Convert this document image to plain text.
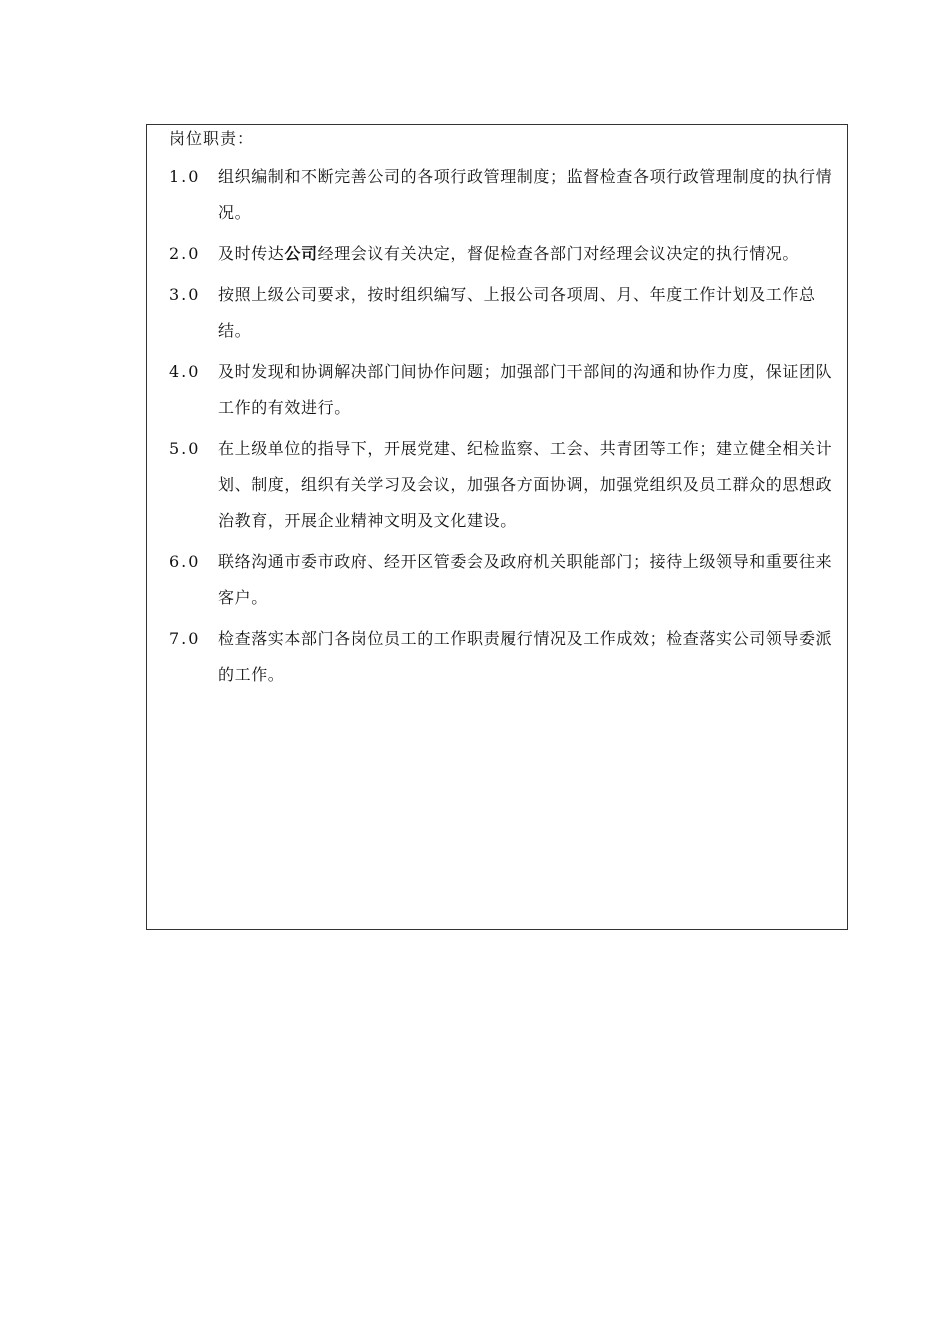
岗位职责：
1.0 组织编制和不断完善公司的各项行政管理制度；监督检查各项行政管理制度的执行情况。
2.0 及时传达公司经理会议有关决定，督促检查各部门对经理会议决定的执行情况。
3.0 按照上级公司要求，按时组织编写、上报公司各项周、月、年度工作计划及工作总结。
4.0 及时发现和协调解决部门间协作问题；加强部门干部间的沟通和协作力度，保证团队工作的有效进行。
5.0 在上级单位的指导下，开展党建、纪检监察、工会、共青团等工作；建立健全相关计划、制度，组织有关学习及会议，加强各方面协调，加强党组织及员工群众的思想政治教育，开展企业精神文明及文化建设。
6.0 联络沟通市委市政府、经开区管委会及政府机关职能部门；接待上级领导和重要往来客户。
7.0 检查落实本部门各岗位员工的工作职责履行情况及工作成效；检查落实公司领导委派的工作。
